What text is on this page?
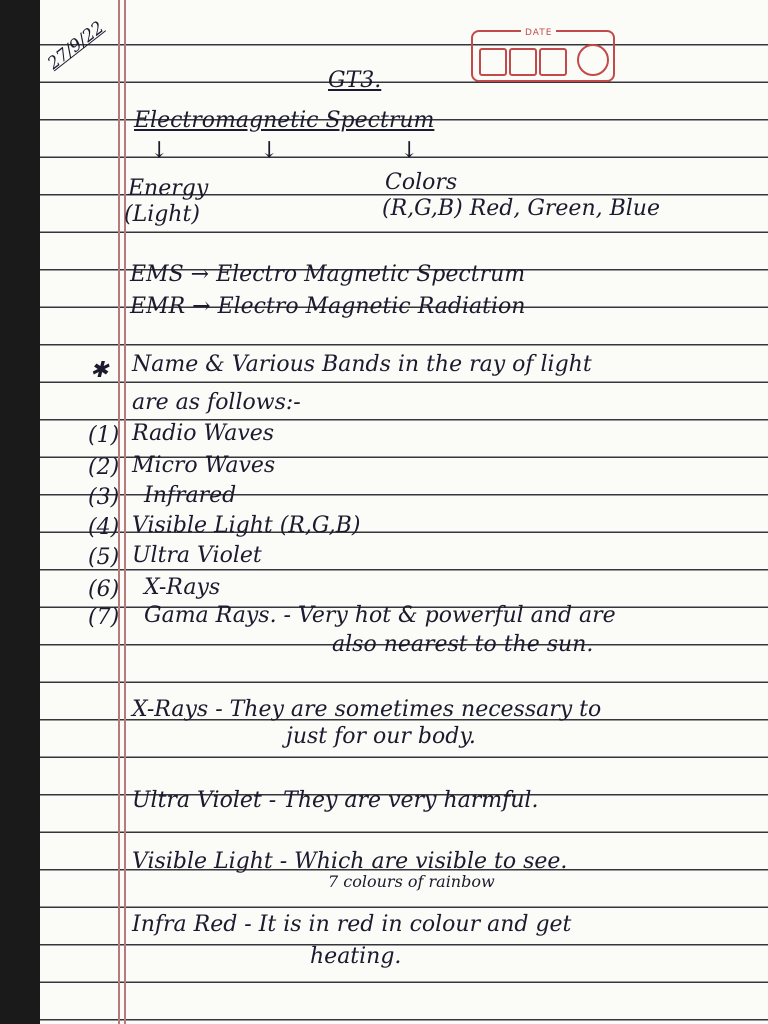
27/9/22	DATE
GT3.
Electromagnetic Spectrum
↓	↓	↓
Energy
(Light)
Colors
(R,G,B) Red, Green, Blue
EMS → Electro Magnetic Spectrum
EMR → Electro Magnetic Radiation
✱ Name & Various Bands in the ray of light
are as follows:-
(1) Radio Waves
(2) Micro Waves
(3) Infrared
(4) Visible Light (R,G,B)
(5) Ultra Violet
(6) X-Rays
(7) Gama Rays. - Very hot & powerful and are
also nearest to the sun.
X-Rays - They are sometimes necessary to
just for our body.
Ultra Violet - They are very harmful.
Visible Light - Which are visible to see.
7 colours of rainbow
Infra Red - It is in red in colour and get
heating.
